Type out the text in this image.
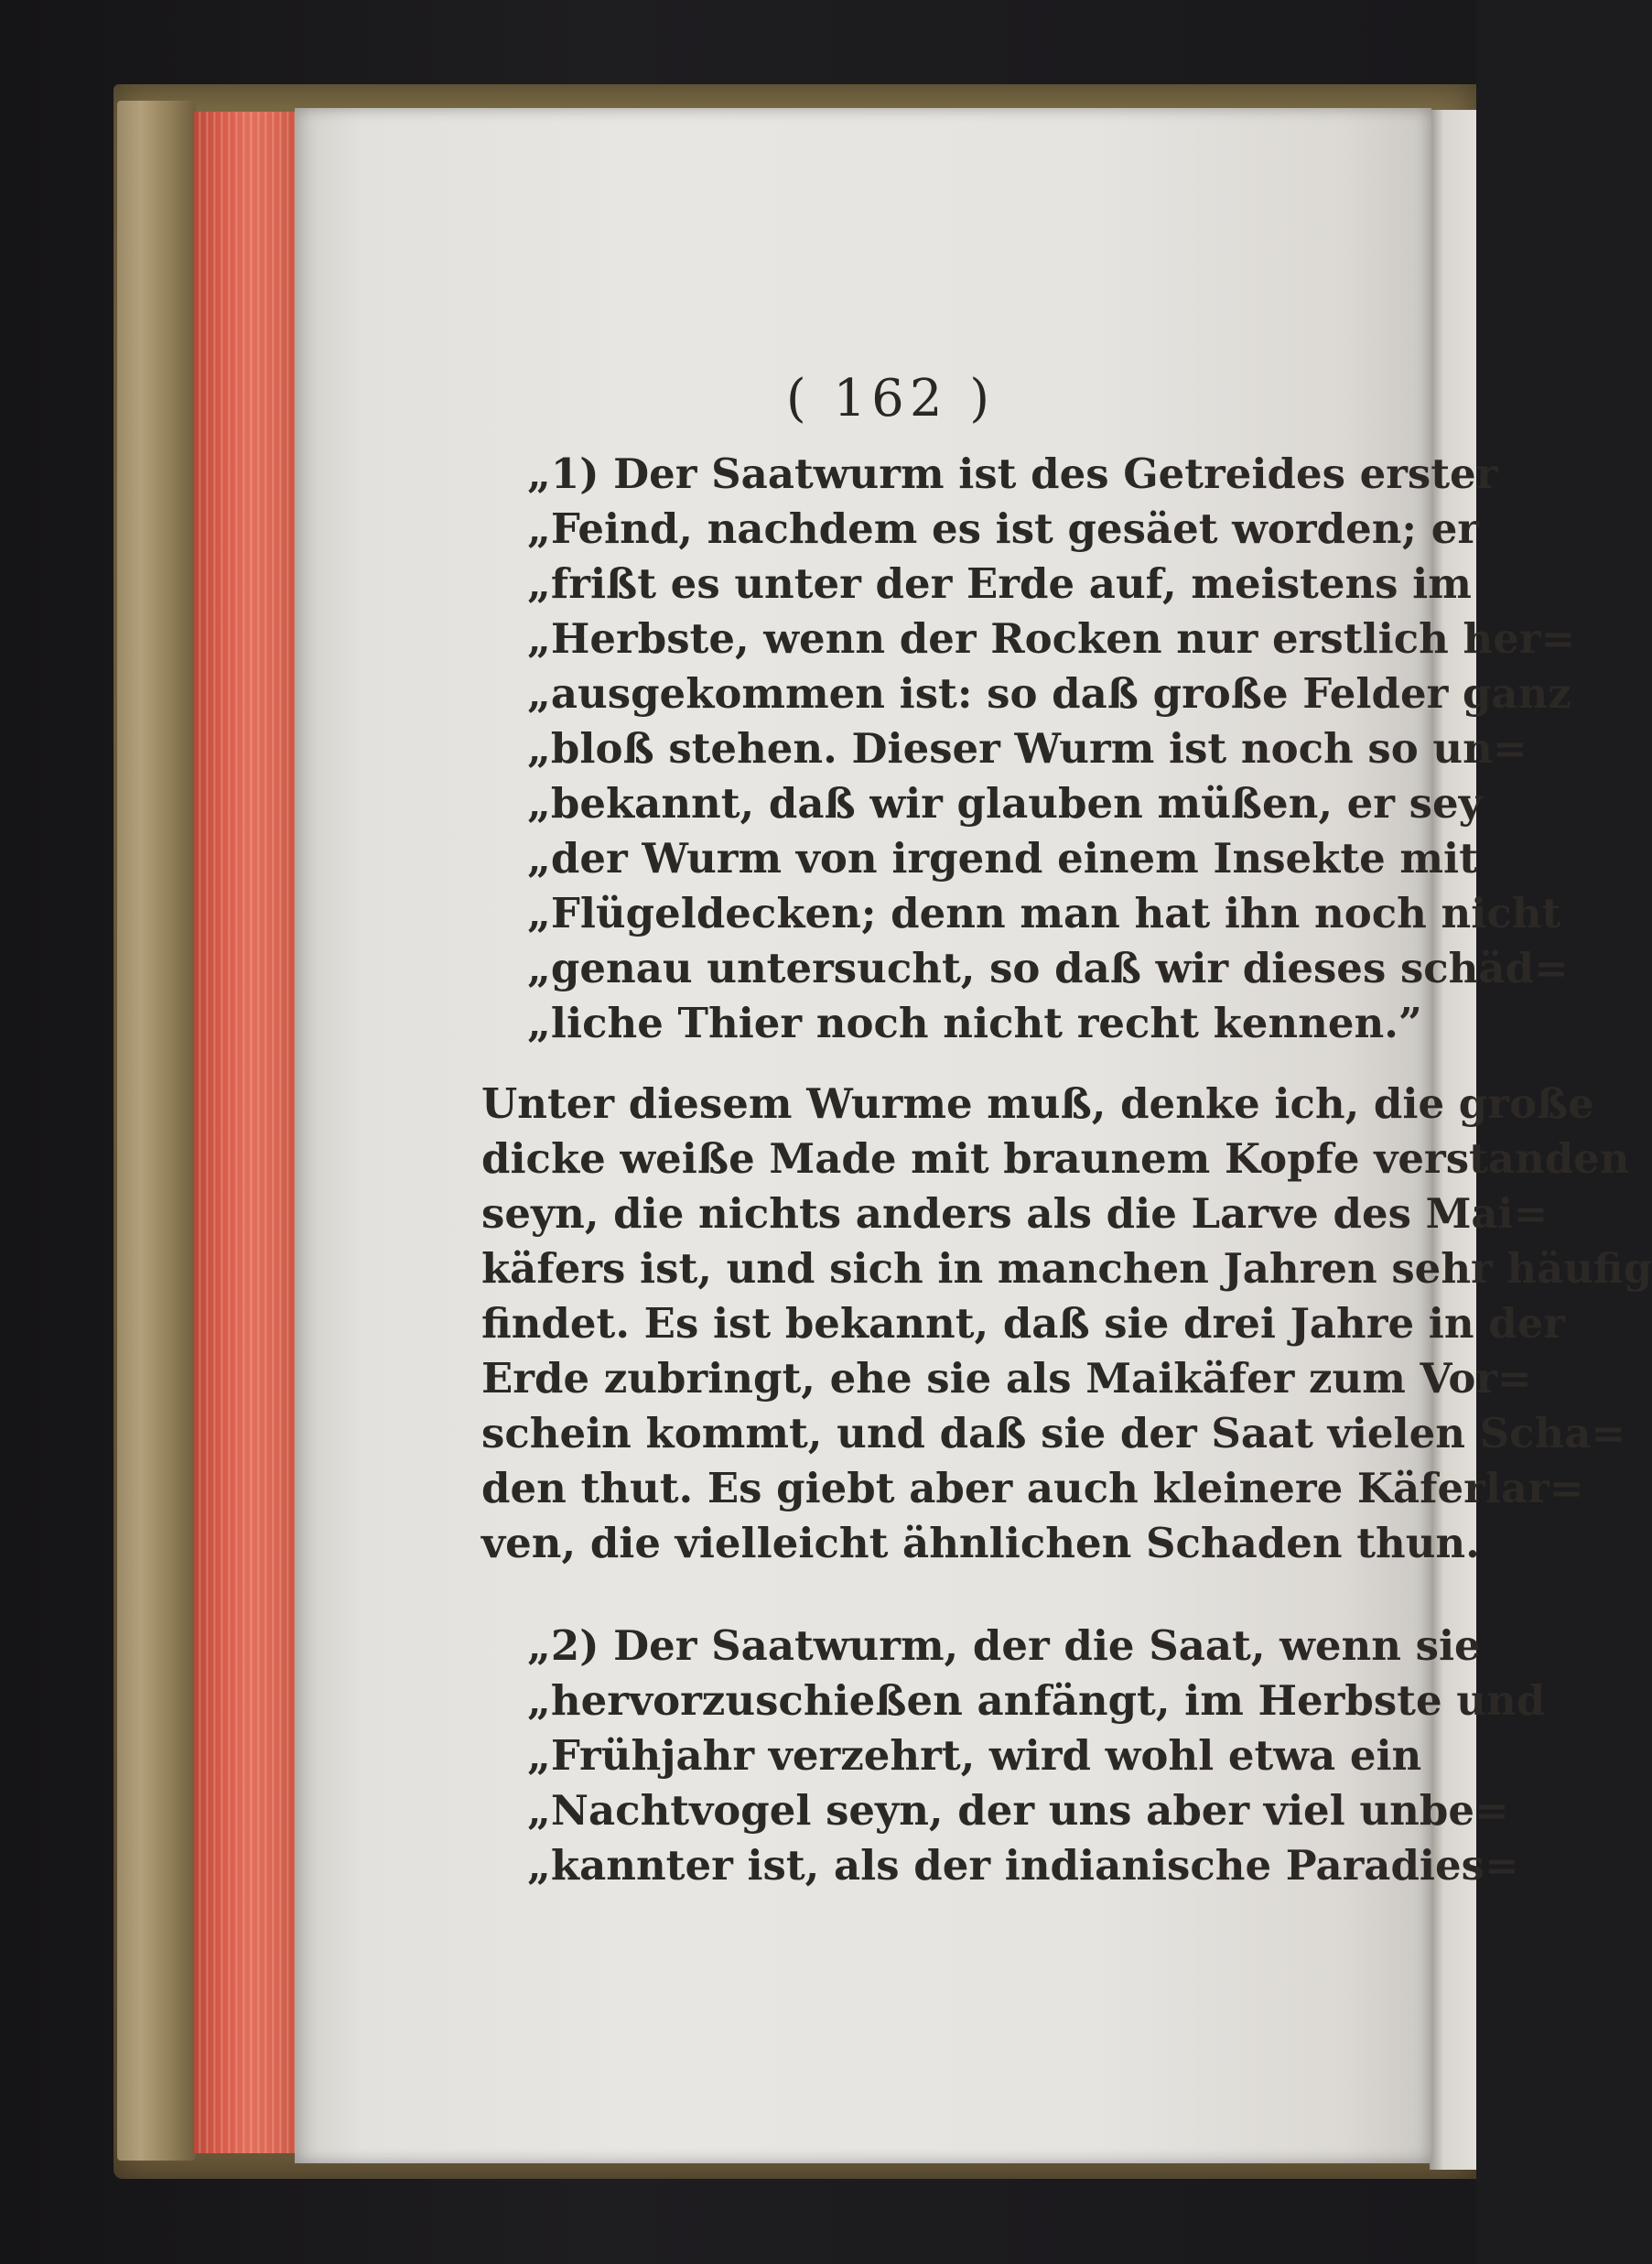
( 162 )
„1) Der Saatwurm ist des Getreides erster
„Feind, nachdem es ist gesäet worden; er
„frißt es unter der Erde auf, meistens im
„Herbste, wenn der Rocken nur erstlich her=
„ausgekommen ist: so daß große Felder ganz
„bloß stehen. Dieser Wurm ist noch so un=
„bekannt, daß wir glauben müßen, er sey
„der Wurm von irgend einem Insekte mit
„Flügeldecken; denn man hat ihn noch nicht
„genau untersucht, so daß wir dieses schäd=
„liche Thier noch nicht recht kennen.”
Unter diesem Wurme muß, denke ich, die große
dicke weiße Made mit braunem Kopfe verstanden
seyn, die nichts anders als die Larve des Mai=
käfers ist, und sich in manchen Jahren sehr häufig
findet. Es ist bekannt, daß sie drei Jahre in der
Erde zubringt, ehe sie als Maikäfer zum Vor=
schein kommt, und daß sie der Saat vielen Scha=
den thut. Es giebt aber auch kleinere Käferlar=
ven, die vielleicht ähnlichen Schaden thun.
„2) Der Saatwurm, der die Saat, wenn sie
„hervorzuschießen anfängt, im Herbste und
„Frühjahr verzehrt, wird wohl etwa ein
„Nachtvogel seyn, der uns aber viel unbe=
„kannter ist, als der indianische Paradies=
